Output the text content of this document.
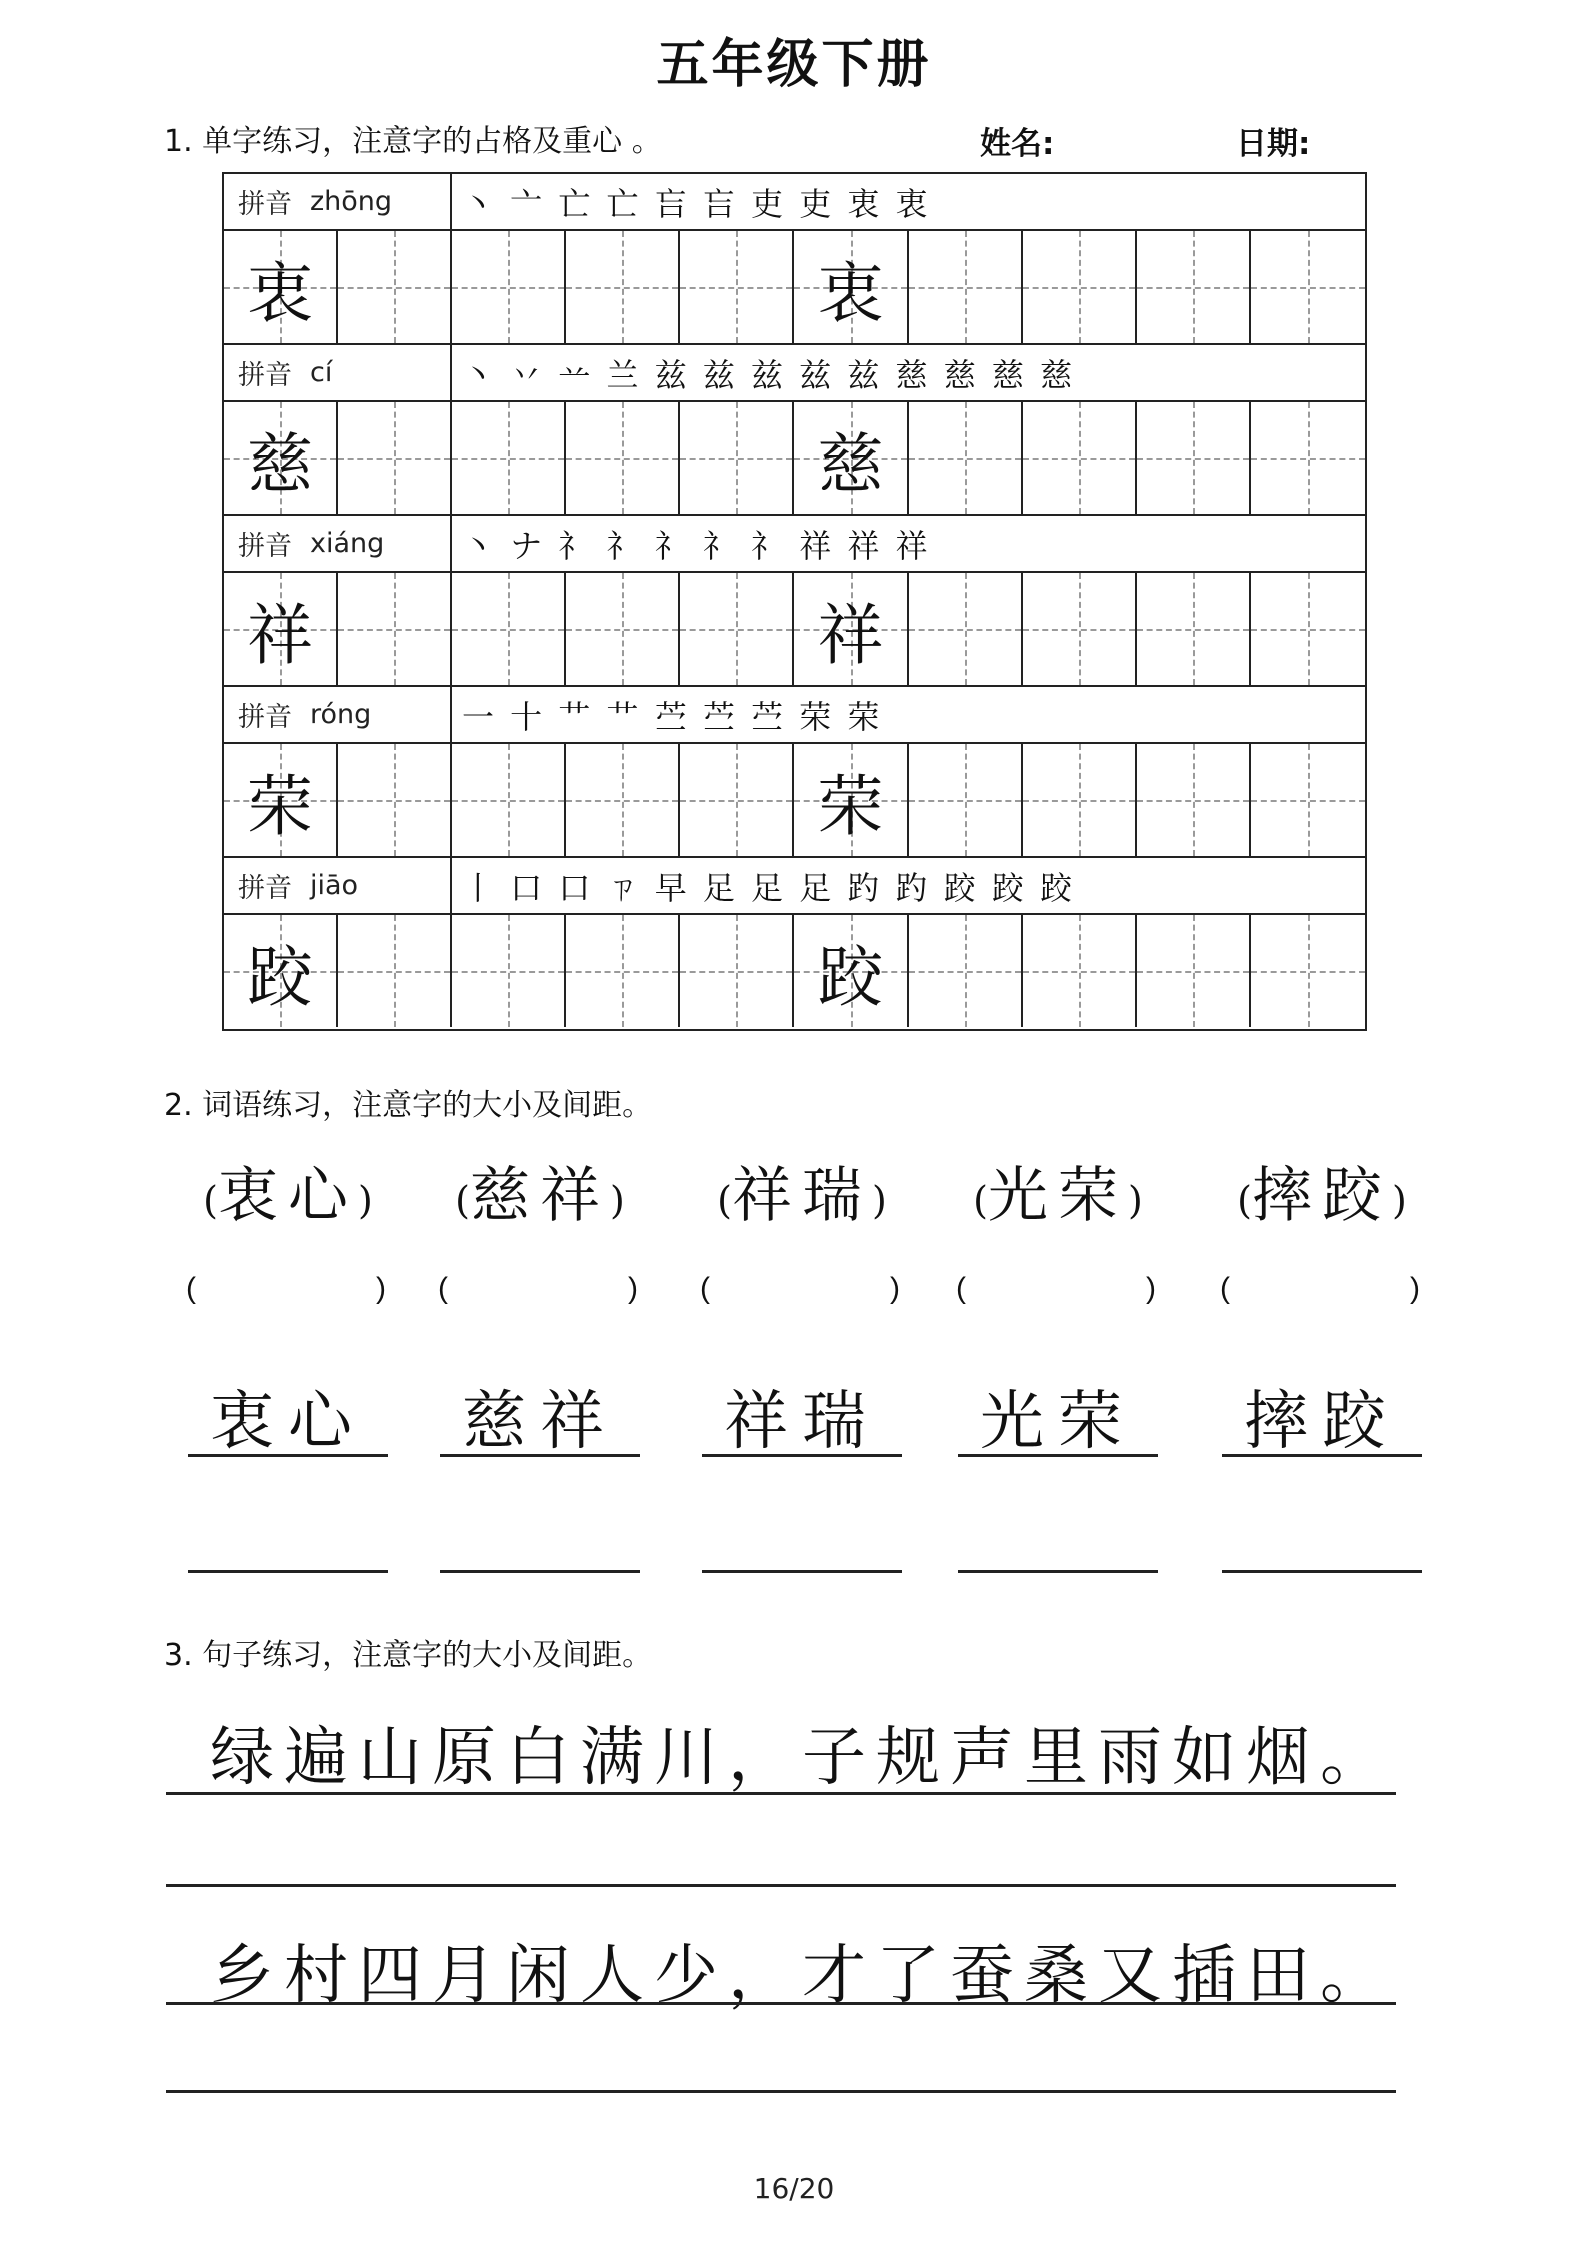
五年级下册
1. 单字练习，注意字的占格及重心 。	姓名:	日期:
拼音 zhōng	丶 亠 亡 亡 吂 吂 吏 吏 衷 衷
衷	衷
拼音 cí	丶 丷 䒑 兰 兹 兹 兹 兹 兹 慈 慈 慈 慈
慈	慈
拼音 xiáng	丶 ナ 礻 礻 礻 礻 礻 祥 祥 祥
祥	祥
拼音 róng	一 十 艹 艹 苎 苎 苎 荣 荣
荣	荣
拼音 jiāo	丨 口 口 ㄗ 早 足 足 足 趵 趵 跤 跤 跤
跤	跤
2. 词语练习，注意字的大小及间距。
(衷心)
(	)
衷心
(慈祥)
(	)
慈祥
(祥瑞)
(	)
祥瑞
(光荣)
(	)
光荣
(摔跤)
(	)
摔跤
3. 句子练习，注意字的大小及间距。
绿遍山原白满川，子规声里雨如烟。
乡村四月闲人少，才了蚕桑又插田。
16/20
